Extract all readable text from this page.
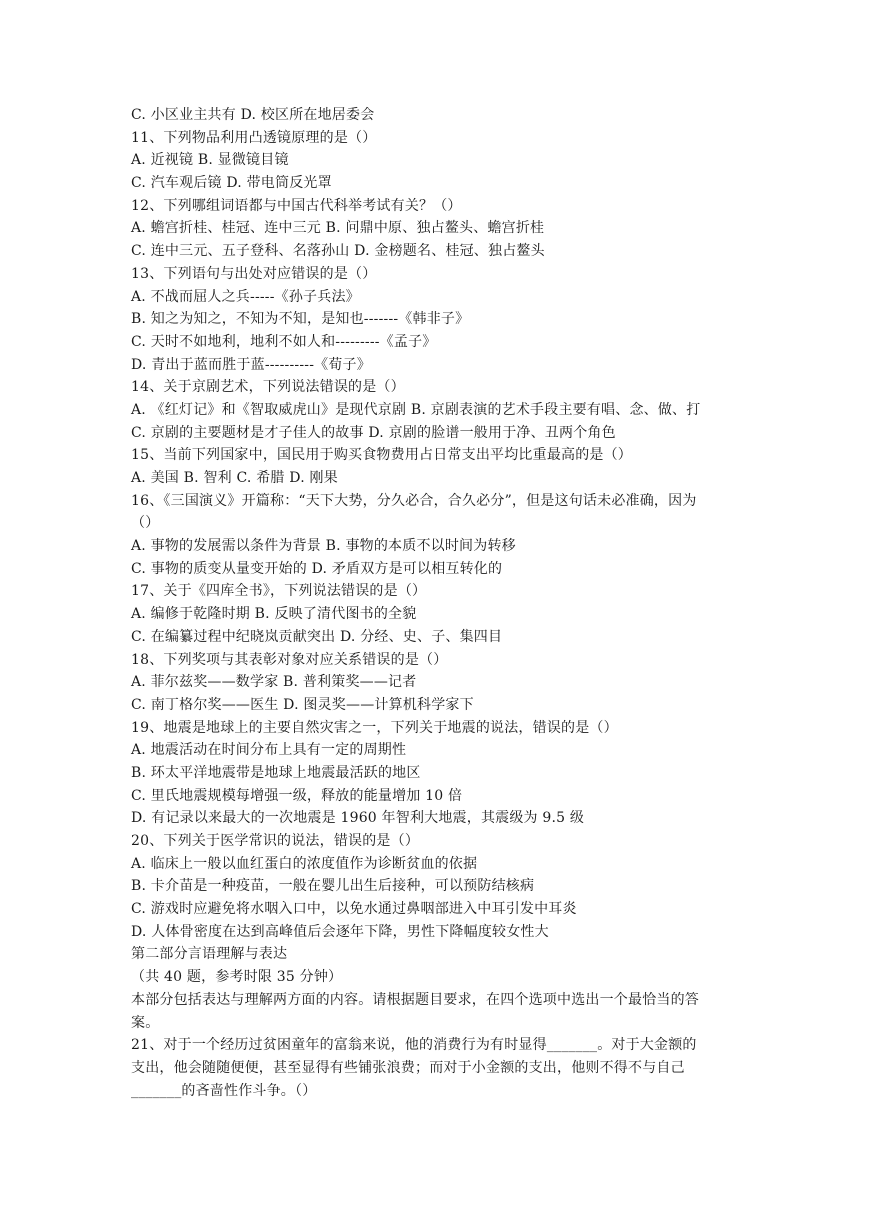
C. 小区业主共有 D. 校区所在地居委会
11、下列物品利用凸透镜原理的是（）
A. 近视镜 B. 显微镜目镜
C. 汽车观后镜 D. 带电筒反光罩
12、下列哪组词语都与中国古代科举考试有关？（）
A. 蟾宫折桂、桂冠、连中三元 B. 问鼎中原、独占鳌头、蟾宫折桂
C. 连中三元、五子登科、名落孙山 D. 金榜题名、桂冠、独占鳌头
13、下列语句与出处对应错误的是（）
A. 不战而屈人之兵-----《孙子兵法》
B. 知之为知之，不知为不知，是知也-------《韩非子》
C. 天时不如地利，地利不如人和---------《孟子》
D. 青出于蓝而胜于蓝----------《荀子》
14、关于京剧艺术，下列说法错误的是（）
A. 《红灯记》和《智取威虎山》是现代京剧 B. 京剧表演的艺术手段主要有唱、念、做、打
C. 京剧的主要题材是才子佳人的故事 D. 京剧的脸谱一般用于净、丑两个角色
15、当前下列国家中，国民用于购买食物费用占日常支出平均比重最高的是（）
A. 美国 B. 智利 C. 希腊 D. 刚果
16、《三国演义》开篇称：“天下大势，分久必合，合久必分”，但是这句话未必准确，因为
（）
A. 事物的发展需以条件为背景 B. 事物的本质不以时间为转移
C. 事物的质变从量变开始的 D. 矛盾双方是可以相互转化的
17、关于《四库全书》，下列说法错误的是（）
A. 编修于乾隆时期 B. 反映了清代图书的全貌
C. 在编纂过程中纪晓岚贡献突出 D. 分经、史、子、集四目
18、下列奖项与其表彰对象对应关系错误的是（）
A. 菲尔兹奖——数学家 B. 普利策奖——记者
C. 南丁格尔奖——医生 D. 图灵奖——计算机科学家下
19、地震是地球上的主要自然灾害之一，下列关于地震的说法，错误的是（）
A. 地震活动在时间分布上具有一定的周期性
B. 环太平洋地震带是地球上地震最活跃的地区
C. 里氏地震规模每增强一级，释放的能量增加 10 倍
D. 有记录以来最大的一次地震是 1960 年智利大地震，其震级为 9.5 级
20、下列关于医学常识的说法，错误的是（）
A. 临床上一般以血红蛋白的浓度值作为诊断贫血的依据
B. 卡介苗是一种疫苗，一般在婴儿出生后接种，可以预防结核病
C. 游戏时应避免将水咽入口中，以免水通过鼻咽部进入中耳引发中耳炎
D. 人体骨密度在达到高峰值后会逐年下降，男性下降幅度较女性大
第二部分言语理解与表达
（共 40 题，参考时限 35 分钟）
本部分包括表达与理解两方面的内容。请根据题目要求，在四个选项中选出一个最恰当的答
案。
21、对于一个经历过贫困童年的富翁来说，他的消费行为有时显得_______。对于大金额的
支出，他会随随便便，甚至显得有些铺张浪费；而对于小金额的支出，他则不得不与自己
_______的吝啬性作斗争。（）
